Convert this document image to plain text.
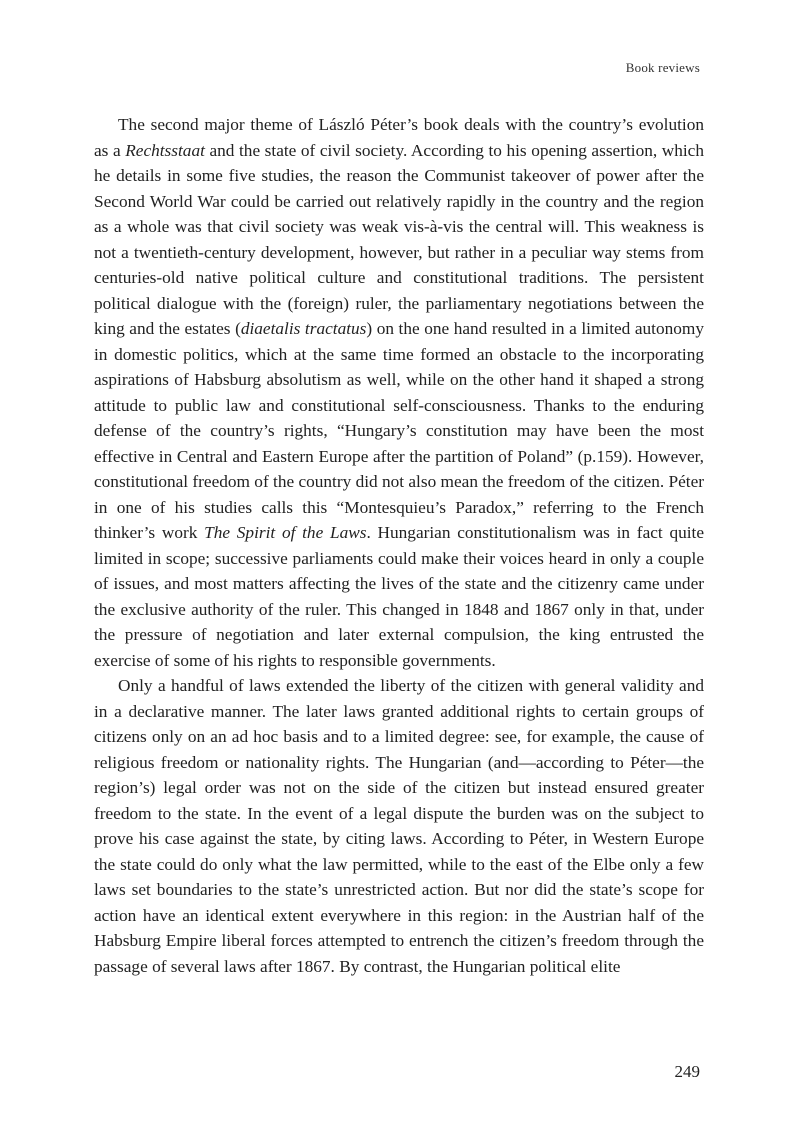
Book reviews

The second major theme of László Péter’s book deals with the country’s evolution as a Rechtsstaat and the state of civil society. According to his opening assertion, which he details in some five studies, the reason the Communist takeover of power after the Second World War could be carried out relatively rapidly in the country and the region as a whole was that civil society was weak vis-à-vis the central will. This weakness is not a twentieth-century development, however, but rather in a peculiar way stems from centuries-old native political culture and constitutional traditions. The persistent political dialogue with the (foreign) ruler, the parliamentary negotiations between the king and the estates (diaetalis tractatus) on the one hand resulted in a limited autonomy in domestic politics, which at the same time formed an obstacle to the incorporating aspirations of Habsburg absolutism as well, while on the other hand it shaped a strong attitude to public law and constitutional self-consciousness. Thanks to the enduring defense of the country’s rights, “Hungary’s constitution may have been the most effective in Central and Eastern Europe after the partition of Poland” (p.159). However, constitutional freedom of the country did not also mean the freedom of the citizen. Péter in one of his studies calls this “Montesquieu’s Paradox,” referring to the French thinker’s work The Spirit of the Laws. Hungarian constitutionalism was in fact quite limited in scope; successive parliaments could make their voices heard in only a couple of issues, and most matters affecting the lives of the state and the citizenry came under the exclusive authority of the ruler. This changed in 1848 and 1867 only in that, under the pressure of negotiation and later external compulsion, the king entrusted the exercise of some of his rights to responsible governments.

Only a handful of laws extended the liberty of the citizen with general validity and in a declarative manner. The later laws granted additional rights to certain groups of citizens only on an ad hoc basis and to a limited degree: see, for example, the cause of religious freedom or nationality rights. The Hungarian (and—according to Péter—the region’s) legal order was not on the side of the citizen but instead ensured greater freedom to the state. In the event of a legal dispute the burden was on the subject to prove his case against the state, by citing laws. According to Péter, in Western Europe the state could do only what the law permitted, while to the east of the Elbe only a few laws set boundaries to the state’s unrestricted action. But nor did the state’s scope for action have an identical extent everywhere in this region: in the Austrian half of the Habsburg Empire liberal forces attempted to entrench the citizen’s freedom through the passage of several laws after 1867. By contrast, the Hungarian political elite

249
